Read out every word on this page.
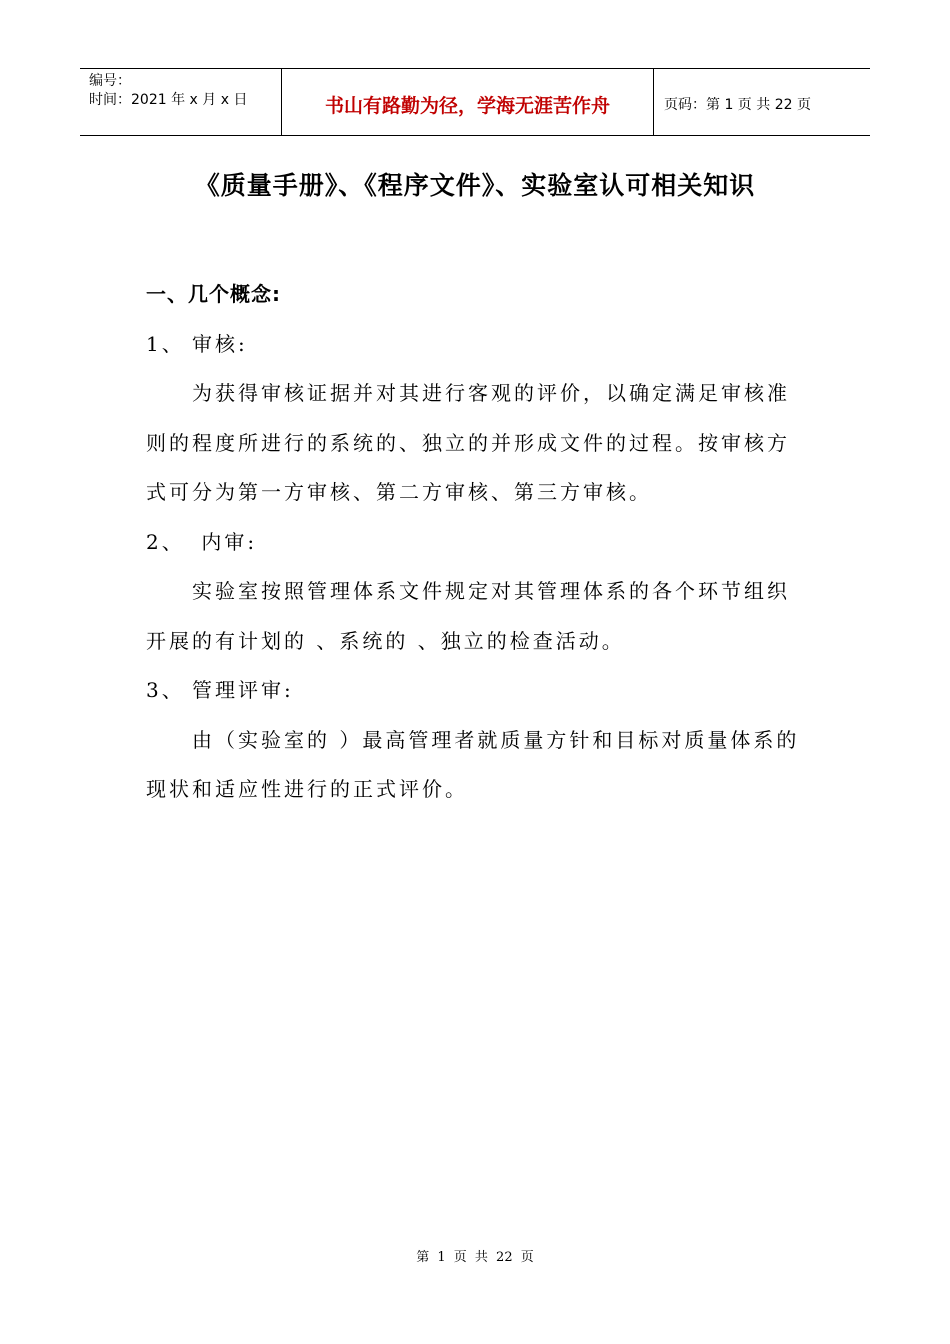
编号：
时间：2021 年 x 月 x 日	书山有路勤为径，学海无涯苦作舟	页码：第 1 页 共 22 页
《质量手册》、《程序文件》、实验室认可相关知识

一、几个概念:

1、 审核:

为获得审核证据并对其进行客观的评价，以确定满足审核准则的程度所进行的系统的、独立的并形成文件的过程。按审核方式可分为第一方审核、第二方审核、第三方审核。

2、 内审:

实验室按照管理体系文件规定对其管理体系的各个环节组织开展的有计划的 、系统的 、独立的检查活动。

3、 管理评审:

由（实验室的 ）最高管理者就质量方针和目标对质量体系的现状和适应性进行的正式评价。

第 1 页 共 22 页
